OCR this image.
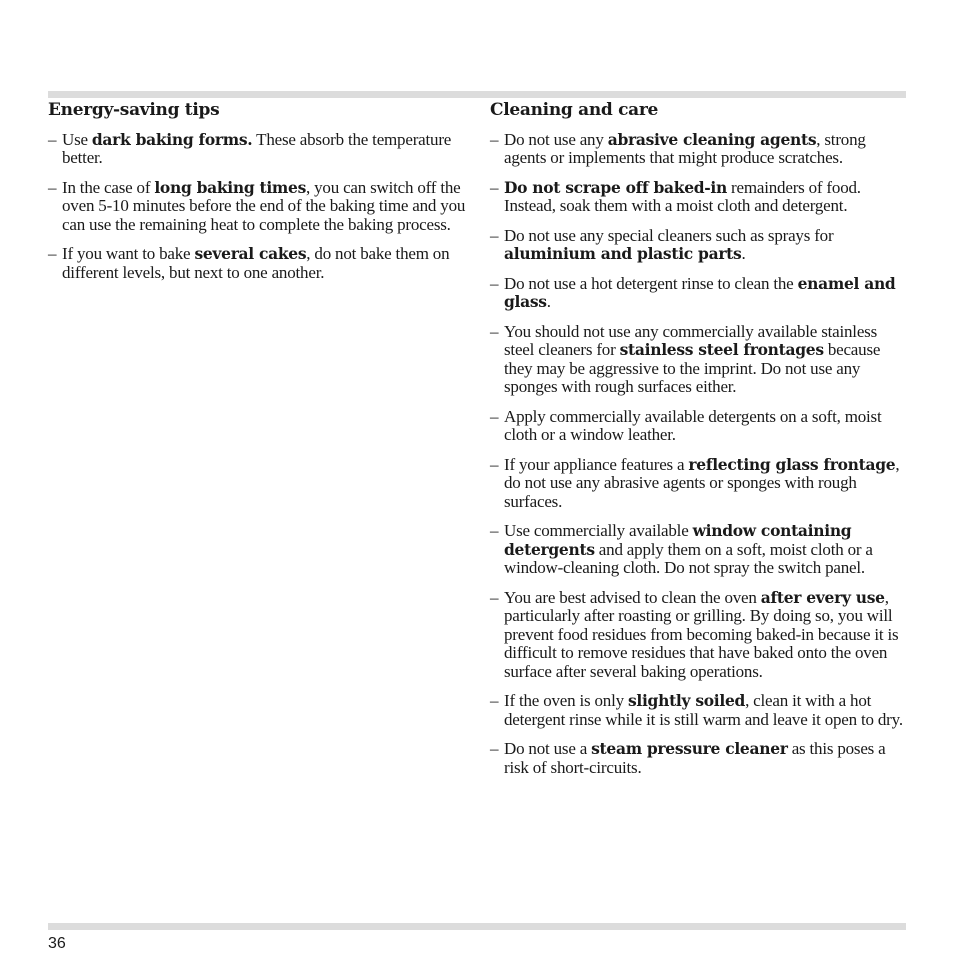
Energy-saving tips
– Use dark baking forms. These absorb the temperature better.
– In the case of long baking times, you can switch off the oven 5-10 minutes before the end of the baking time and you can use the remaining heat to complete the baking process.
– If you want to bake several cakes, do not bake them on different levels, but next to one another.
Cleaning and care
– Do not use any abrasive cleaning agents, strong agents or implements that might produce scratches.
– Do not scrape off baked-in remainders of food. Instead, soak them with a moist cloth and detergent.
– Do not use any special cleaners such as sprays for aluminium and plastic parts.
– Do not use a hot detergent rinse to clean the enamel and glass.
– You should not use any commercially available stainless steel cleaners for stainless steel frontages because they may be aggressive to the imprint. Do not use any sponges with rough surfaces either.
– Apply commercially available detergents on a soft, moist cloth or a window leather.
– If your appliance features a reflecting glass frontage, do not use any abrasive agents or sponges with rough surfaces.
– Use commercially available window containing detergents and apply them on a soft, moist cloth or a window-cleaning cloth. Do not spray the switch panel.
– You are best advised to clean the oven after every use, particularly after roasting or grilling. By doing so, you will prevent food residues from becoming baked-in because it is difficult to remove residues that have baked onto the oven surface after several baking operations.
– If the oven is only slightly soiled, clean it with a hot detergent rinse while it is still warm and leave it open to dry.
– Do not use a steam pressure cleaner as this poses a risk of short-circuits.
36
